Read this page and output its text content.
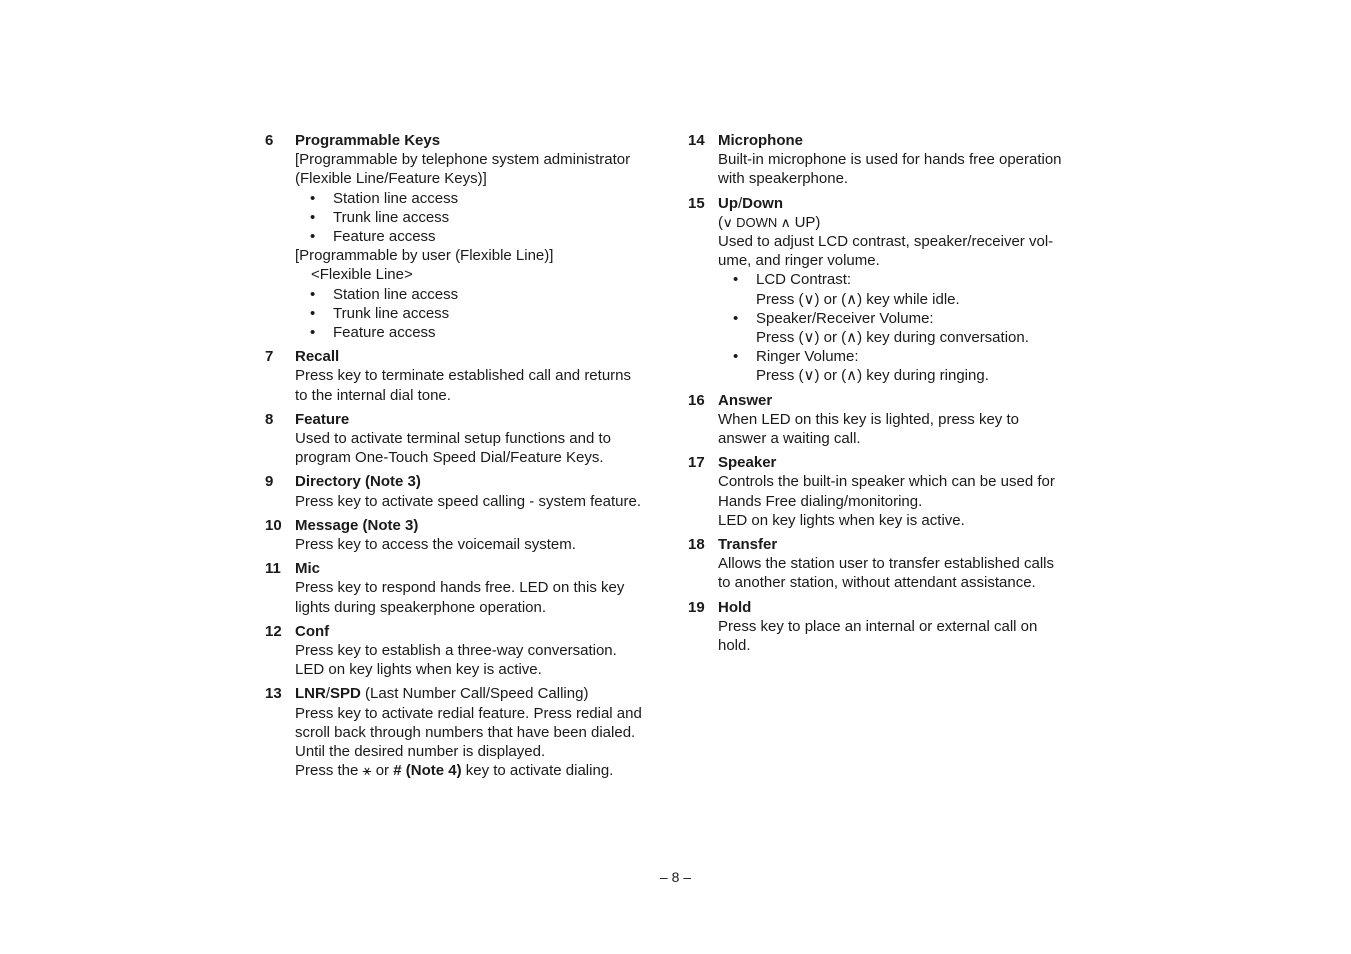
6 Programmable Keys
[Programmable by telephone system administrator
(Flexible Line/Feature Keys)]
• Station line access
• Trunk line access
• Feature access
[Programmable by user (Flexible Line)]
<Flexible Line>
• Station line access
• Trunk line access
• Feature access
7 Recall
Press key to terminate established call and returns
to the internal dial tone.
8 Feature
Used to activate terminal setup functions and to
program One-Touch Speed Dial/Feature Keys.
9 Directory (Note 3)
Press key to activate speed calling - system feature.
10 Message (Note 3)
Press key to access the voicemail system.
11 Mic
Press key to respond hands free. LED on this key
lights during speakerphone operation.
12 Conf
Press key to establish a three-way conversation.
LED on key lights when key is active.
13 LNR/SPD (Last Number Call/Speed Calling)
Press key to activate redial feature. Press redial and
scroll back through numbers that have been dialed.
Until the desired number is displayed.
Press the ⚹ or # (Note 4) key to activate dialing.
14 Microphone
Built-in microphone is used for hands free operation
with speakerphone.
15 Up/Down
(∨ DOWN ∧ UP)
Used to adjust LCD contrast, speaker/receiver vol-
ume, and ringer volume.
• LCD Contrast:
Press (∨) or (∧) key while idle.
• Speaker/Receiver Volume:
Press (∨) or (∧) key during conversation.
• Ringer Volume:
Press (∨) or (∧) key during ringing.
16 Answer
When LED on this key is lighted, press key to
answer a waiting call.
17 Speaker
Controls the built-in speaker which can be used for
Hands Free dialing/monitoring.
LED on key lights when key is active.
18 Transfer
Allows the station user to transfer established calls
to another station, without attendant assistance.
19 Hold
Press key to place an internal or external call on
hold.
– 8 –
